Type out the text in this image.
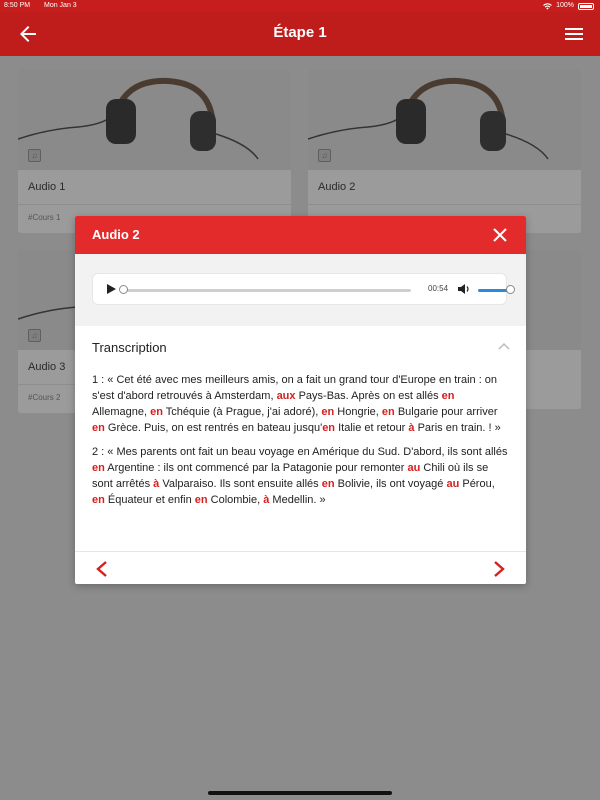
8:50 PM Mon Jan 3	100%
Étape 1
♫
Audio 1
#Cours 1
♫
Audio 2
♫
Audio 3
#Cours 2
Audio 2
00:54
Transcription

1 : « Cet été avec mes meilleurs amis, on a fait un grand tour d'Europe en train : on s'est d'abord retrouvés à Amsterdam, aux Pays-Bas. Après on est allés en Allemagne, en Tchéquie (à Prague, j'ai adoré), en Hongrie, en Bulgarie pour arriver en Grèce. Puis, on est rentrés en bateau jusqu'en Italie et retour à Paris en train. ! »

2 : « Mes parents ont fait un beau voyage en Amérique du Sud. D'abord, ils sont allés en Argentine : ils ont commencé par la Patagonie pour remonter au Chili où ils se sont arrêtés à Valparaiso. Ils sont ensuite allés en Bolivie, ils ont voyagé au Pérou, en Équateur et enfin en Colombie, à Medellin. »
